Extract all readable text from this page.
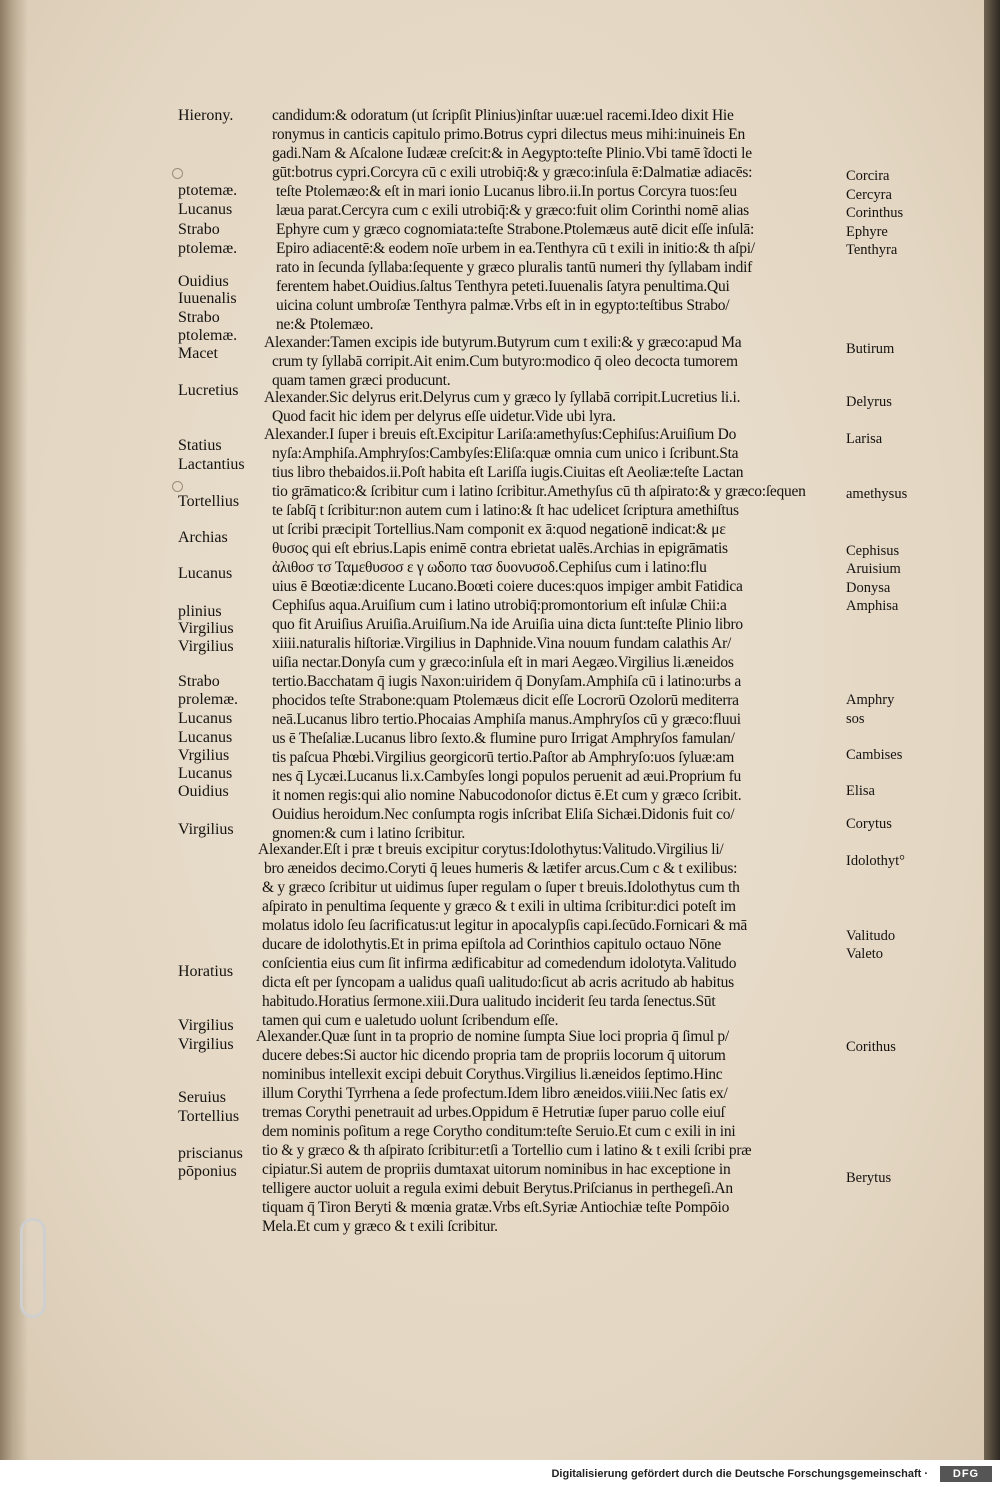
Hierony.
ptotemæ.
Lucanus
Strabo
ptolemæ.
Ouidius
Iuuenalis
Strabo
ptolemæ.
Macet
Lucretius
Statius
Lactantius
Tortellius
Archias
Lucanus
plinius
Virgilius
Virgilius
Strabo
prolemæ.
Lucanus
Lucanus
Vrgilius
Lucanus
Ouidius
Virgilius
Horatius
Virgilius
Virgilius
Seruius
Tortellius
priscianus
pōponius
candidum:& odoratum (ut ſcripſit Plinius)inſtar uuæ:uel racemi.Ideo dixit Hie
ronymus in canticis capitulo primo.Botrus cypri dilectus meus mihi:inuineis En
gadi.Nam & Aſcalone Iudææ creſcit:& in Aegypto:teſte Plinio.Vbi tamē ĩdocti le
gūt:botrus cypri.Corcyra cū c exili utrobiq̄:& y græco:inſula ē:Dalmatiæ adiacēs:
teſte Ptolemæo:& eſt in mari ionio Lucanus libro.ii.In portus Corcyra tuos:ſeu
læua parat.Cercyra cum c exili utrobiq̄:& y græco:fuit olim Corinthi nomē alias
Ephyre cum y græco cognomiata:teſte Strabone.Ptolemæus autē dicit eſſe inſulā:
Epiro adiacentē:& eodem noīe urbem in ea.Tenthyra cū t exili in initio:& th aſpi/
rato in ſecunda ſyllaba:ſequente y græco pluralis tantū numeri thy ſyllabam indif
ferentem habet.Ouidius.ſaltus Tenthyra peteti.Iuuenalis ſatyra penultima.Qui
uicina colunt umbroſæ Tenthyra palmæ.Vrbs eſt in in egypto:teſtibus Strabo/
ne:& Ptolemæo.
Alexander:Tamen excipis ide butyrum.Butyrum cum t exili:& y græco:apud Ma
crum ty ſyllabā corripit.Ait enim.Cum butyro:modico q̄ oleo decocta tumorem
quam tamen græci producunt.
Alexander.Sic delyrus erit.Delyrus cum y græco ly ſyllabā corripit.Lucretius li.i.
Quod facit hic idem per delyrus eſſe uidetur.Vide ubi lyra.
Alexander.I ſuper i breuis eſt.Excipitur Lariſa:amethyſus:Cephiſus:Aruiſium Do
nyſa:Amphiſa.Amphryſos:Cambyſes:Eliſa:quæ omnia cum unico i ſcribunt.Sta
tius libro thebaidos.ii.Poſt habita eſt Lariſſa iugis.Ciuitas eſt Aeoliæ:teſte Lactan
tio grāmatico:& ſcribitur cum i latino ſcribitur.Amethyſus cū th aſpirato:& y græco:ſequen
te ſabſq̄ t ſcribitur:non autem cum i latino:& ſt hac udelicet ſcriptura amethiſtus
ut ſcribi præcipit Tortellius.Nam componit ex ā:quod negationē indicat:& με
θυσος qui eſt ebrius.Lapis enimē contra ebrietat ualēs.Archias in epigrāmatis
ἀλιθοσ τσ Ταμεθυσοσ ε γ ωδοπο τασ δυονυσοδ.Cephiſus cum i latino:flu
uius ē Bœotiæ:dicente Lucano.Boœti coiere duces:quos impiger ambit Fatidica
Cephiſus aqua.Aruiſium cum i latino utrobiq̄:promontorium eſt inſulæ Chii:a
quo fit Aruiſius Aruiſia.Aruiſium.Na ide Aruiſia uina dicta ſunt:teſte Plinio libro
xiiii.naturalis hiſtoriæ.Virgilius in Daphnide.Vina nouum fundam calathis Ar/
uiſia nectar.Donyſa cum y græco:inſula eſt in mari Aegæo.Virgilius li.æneidos
tertio.Bacchatam q̄ iugis Naxon:uiridem q̄ Donyſam.Amphiſa cū i latino:urbs a
phocidos teſte Strabone:quam Ptolemæus dicit eſſe Locrorū Ozolorū mediterra
neā.Lucanus libro tertio.Phocaias Amphiſa manus.Amphryſos cū y græco:fluui
us ē Theſaliæ.Lucanus libro ſexto.& flumine puro Irrigat Amphryſos famulan/
tis paſcua Phœbi.Virgilius georgicorū tertio.Paſtor ab Amphryſo:uos ſyluæ:am
nes q̄ Lycæi.Lucanus li.x.Cambyſes longi populos peruenit ad æui.Proprium fu
it nomen regis:qui alio nomine Nabucodonoſor dictus ē.Et cum y græco ſcribit.
Ouidius heroidum.Nec conſumpta rogis inſcribat Eliſa Sichæi.Didonis fuit co/
gnomen:& cum i latino ſcribitur.
Alexander.Eſt i præ t breuis excipitur corytus:Idolothytus:Valitudo.Virgilius li/
bro æneidos decimo.Coryti q̄ leues humeris & lætifer arcus.Cum c & t exilibus:
& y græco ſcribitur ut uidimus ſuper regulam o ſuper t breuis.Idolothytus cum th
aſpirato in penultima ſequente y græco & t exili in ultima ſcribitur:dici poteſt im
molatus idolo ſeu ſacrificatus:ut legitur in apocalypſis capi.ſecūdo.Fornicari & mā
ducare de idolothytis.Et in prima epiſtola ad Corinthios capitulo octauo Nōne
conſcientia eius cum ſit infirma ædificabitur ad comedendum idolotyta.Valitudo
dicta eſt per ſyncopam a ualidus quaſi ualitudo:ſicut ab acris acritudo ab habitus
habitudo.Horatius ſermone.xiii.Dura ualitudo inciderit ſeu tarda ſenectus.Sūt
tamen qui cum e ualetudo uolunt ſcribendum eſſe.
Alexander.Quæ ſunt in ta proprio de nomine ſumpta Siue loci propria q̄ ſimul p/
ducere debes:Si auctor hic dicendo propria tam de propriis locorum q̄ uitorum
nominibus intellexit excipi debuit Corythus.Virgilius li.æneidos ſeptimo.Hinc
illum Corythi Tyrrhena a ſede profectum.Idem libro æneidos.viiii.Nec ſatis ex/
tremas Corythi penetrauit ad urbes.Oppidum ē Hetrutiæ ſuper paruo colle eiuſ
dem nominis poſitum a rege Corytho conditum:teſte Seruio.Et cum c exili in ini
tio & y græco & th aſpirato ſcribitur:etſi a Tortellio cum i latino & t exili ſcribi præ
cipiatur.Si autem de propriis dumtaxat uitorum nominibus in hac exceptione in
telligere auctor uoluit a regula eximi debuit Berytus.Priſcianus in perthegeſi.An
tiquam q̄ Tiron Beryti & mœnia gratæ.Vrbs eſt.Syriæ Antiochiæ teſte Pompōio
Mela.Et cum y græco & t exili ſcribitur.
Corcira
Cercyra
Corinthus
Ephyre
Tenthyra
Butirum
Delyrus
Larisa
amethysus
Cephisus
Aruisium
Donysa
Amphisa
Amphry
sos
Cambises
Elisa
Corytus
Idolothyt°
Valitudo
Valeto
Corithus
Berytus
Digitalisierung gefördert durch die Deutsche Forschungsgemeinschaft ·	DFG
